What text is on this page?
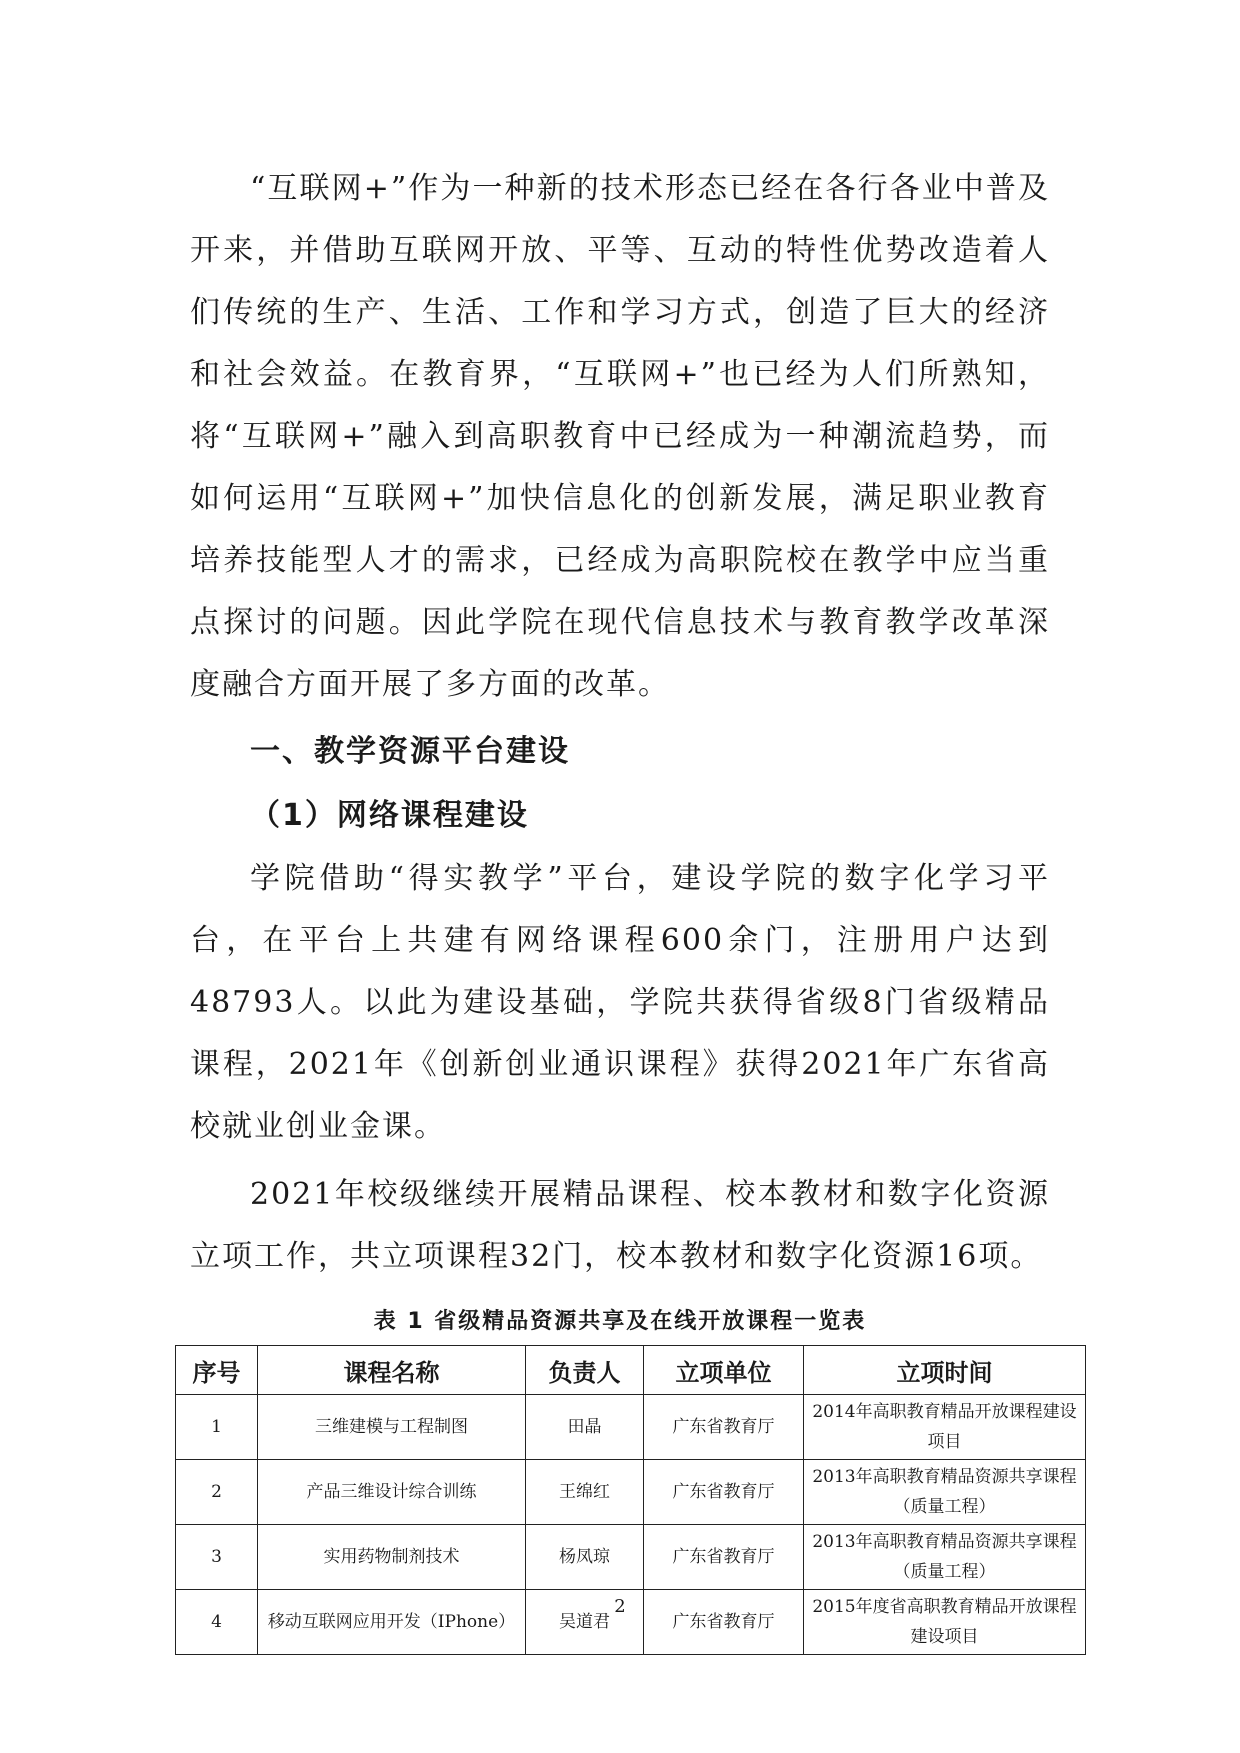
“互联网+”作为一种新的技术形态已经在各行各业中普及开来，并借助互联网开放、平等、互动的特性优势改造着人们传统的生产、生活、工作和学习方式，创造了巨大的经济和社会效益。在教育界，“互联网+”也已经为人们所熟知，将“互联网+”融入到高职教育中已经成为一种潮流趋势，而如何运用“互联网+”加快信息化的创新发展，满足职业教育培养技能型人才的需求，已经成为高职院校在教学中应当重点探讨的问题。因此学院在现代信息技术与教育教学改革深度融合方面开展了多方面的改革。

一、教学资源平台建设
（1）网络课程建设

学院借助“得实教学”平台，建设学院的数字化学习平台，在平台上共建有网络课程600余门，注册用户达到48793人。以此为建设基础，学院共获得省级8门省级精品课程，2021年《创新创业通识课程》获得2021年广东省高校就业创业金课。

2021年校级继续开展精品课程、校本教材和数字化资源立项工作，共立项课程32门，校本教材和数字化资源16项。

表 1 省级精品资源共享及在线开放课程一览表
序号	课程名称	负责人	立项单位	立项时间
1	三维建模与工程制图	田晶	广东省教育厅	2014年高职教育精品开放课程建设项目
2	产品三维设计综合训练	王绵红	广东省教育厅	2013年高职教育精品资源共享课程（质量工程）
3	实用药物制剂技术	杨凤琼	广东省教育厅	2013年高职教育精品资源共享课程（质量工程）
4	移动互联网应用开发（IPhone）	吴道君	广东省教育厅	2015年度省高职教育精品开放课程建设项目
2
